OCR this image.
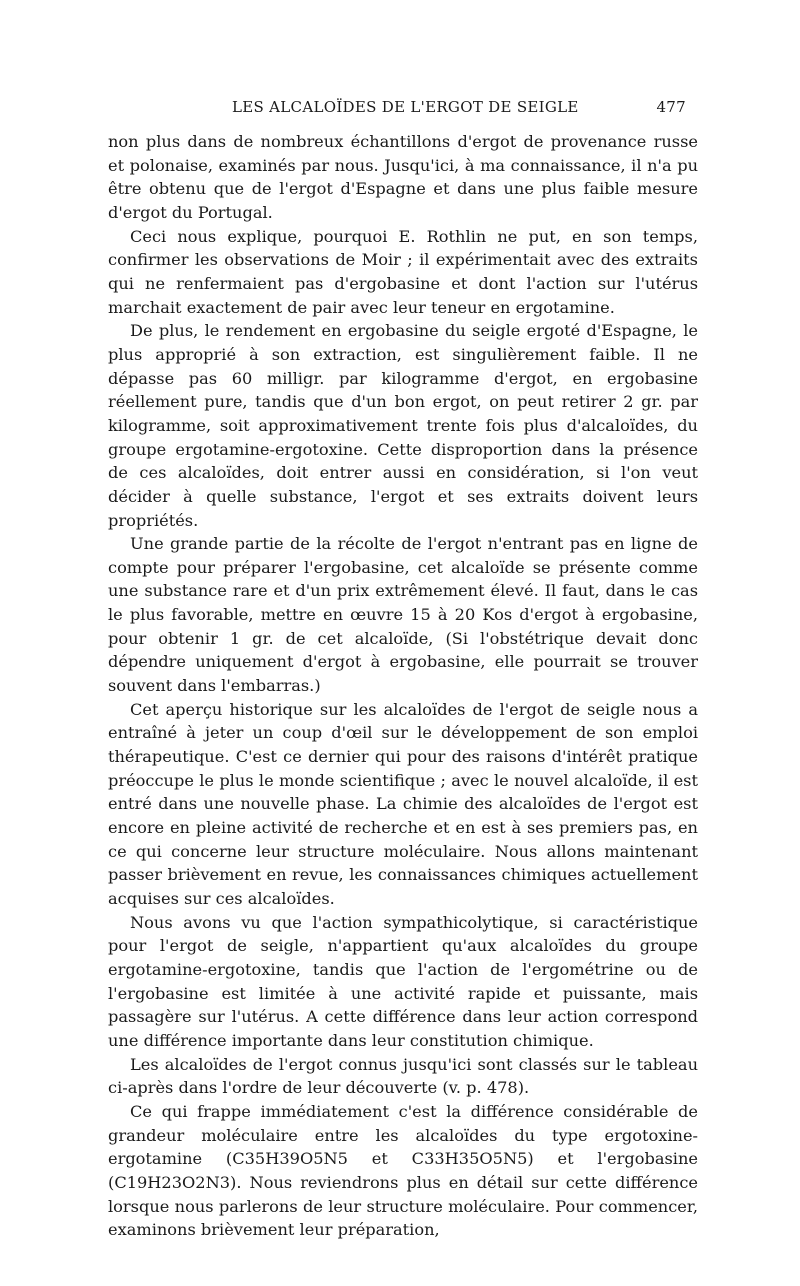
LES ALCALOÏDES DE L'ERGOT DE SEIGLE	477

non plus dans de nombreux échantillons d'ergot de provenance russe et polonaise, examinés par nous. Jusqu'ici, à ma connaissance, il n'a pu être obtenu que de l'ergot d'Espagne et dans une plus faible mesure d'ergot du Portugal.

Ceci nous explique, pourquoi E. Rothlin ne put, en son temps, confirmer les observations de Moir ; il expérimentait avec des extraits qui ne renfermaient pas d'ergobasine et dont l'action sur l'utérus marchait exactement de pair avec leur teneur en ergotamine.

De plus, le rendement en ergobasine du seigle ergoté d'Espagne, le plus approprié à son extraction, est singulièrement faible. Il ne dépasse pas 60 milligr. par kilogramme d'ergot, en ergobasine réellement pure, tandis que d'un bon ergot, on peut retirer 2 gr. par kilogramme, soit approximativement trente fois plus d'alcaloïdes, du groupe ergotamine-ergotoxine. Cette disproportion dans la présence de ces alcaloïdes, doit entrer aussi en considération, si l'on veut décider à quelle substance, l'ergot et ses extraits doivent leurs propriétés.

Une grande partie de la récolte de l'ergot n'entrant pas en ligne de compte pour préparer l'ergobasine, cet alcaloïde se présente comme une substance rare et d'un prix extrêmement élevé. Il faut, dans le cas le plus favorable, mettre en œuvre 15 à 20 Kos d'ergot à ergobasine, pour obtenir 1 gr. de cet alcaloïde, (Si l'obstétrique devait donc dépendre uniquement d'ergot à ergobasine, elle pourrait se trouver souvent dans l'embarras.)

Cet aperçu historique sur les alcaloïdes de l'ergot de seigle nous a entraîné à jeter un coup d'œil sur le développement de son emploi thérapeutique. C'est ce dernier qui pour des raisons d'intérêt pratique préoccupe le plus le monde scientifique ; avec le nouvel alcaloïde, il est entré dans une nouvelle phase. La chimie des alcaloïdes de l'ergot est encore en pleine activité de recherche et en est à ses premiers pas, en ce qui concerne leur structure moléculaire. Nous allons maintenant passer brièvement en revue, les connaissances chimiques actuellement acquises sur ces alcaloïdes.

Nous avons vu que l'action sympathicolytique, si caractéristique pour l'ergot de seigle, n'appartient qu'aux alcaloïdes du groupe ergotamine-ergotoxine, tandis que l'action de l'ergométrine ou de l'ergobasine est limitée à une activité rapide et puissante, mais passagère sur l'utérus. A cette différence dans leur action correspond une différence importante dans leur constitution chimique.

Les alcaloïdes de l'ergot connus jusqu'ici sont classés sur le tableau ci-après dans l'ordre de leur découverte (v. p. 478).

Ce qui frappe immédiatement c'est la différence considérable de grandeur moléculaire entre les alcaloïdes du type ergotoxine-ergotamine (C35H39O5N5 et C33H35O5N5) et l'ergobasine (C19H23O2N3). Nous reviendrons plus en détail sur cette différence lorsque nous parlerons de leur structure moléculaire. Pour commencer, examinons brièvement leur préparation,
